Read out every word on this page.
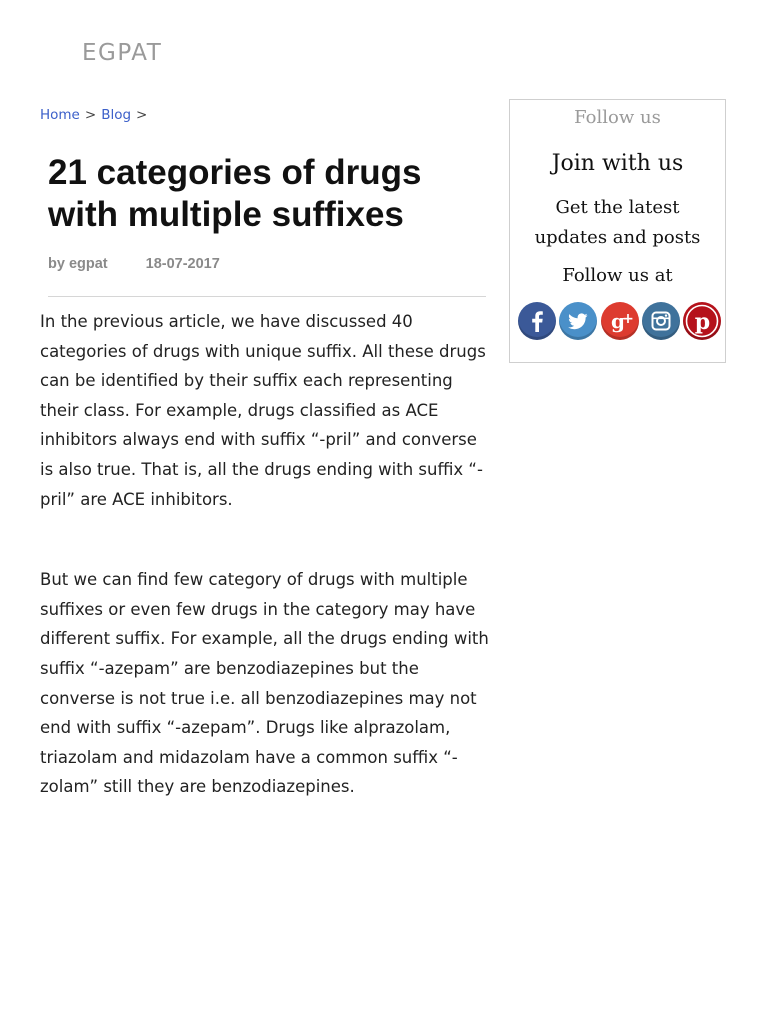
EGPAT
Home > Blog >
21 categories of drugs with multiple suffixes
by egpat	18-07-2017

In the previous article, we have discussed 40 categories of drugs with unique suffix. All these drugs can be identified by their suffix each representing their class. For example, drugs classified as ACE inhibitors always end with suffix “-pril” and converse is also true. That is, all the drugs ending with suffix “-pril” are ACE inhibitors.

But we can find few category of drugs with multiple suffixes or even few drugs in the category may have different suffix. For example, all the drugs ending with suffix “-azepam” are benzodiazepines but the converse is not true i.e. all benzodiazepines may not end with suffix “-azepam”. Drugs like alprazolam, triazolam and midazolam have a common suffix “-zolam” still they are benzodiazepines.

Follow us
Join with us
Get the latest updates and posts
Follow us at
g
+	p
